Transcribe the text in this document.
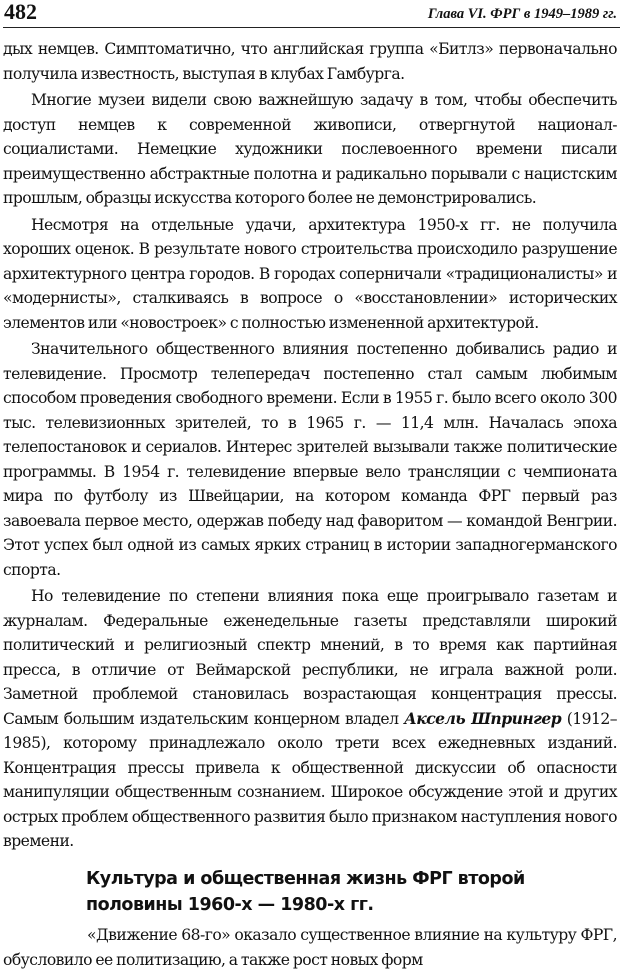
482	Глава VI. ФРГ в 1949–1989 гг.

дых немцев. Симптоматично, что английская группа «Битлз» первоначально получила известность, выступая в клубах Гамбурга.

Многие музеи видели свою важнейшую задачу в том, чтобы обеспечить доступ немцев к современной живописи, отвергнутой национал-социалистами. Немецкие художники послевоенного времени писали преимущественно абстрактные полотна и радикально порывали с нацистским прошлым, образцы искусства которого более не демонстрировались.

Несмотря на отдельные удачи, архитектура 1950-х гг. не получила хороших оценок. В результате нового строительства происходило разрушение архитектурного центра городов. В городах соперничали «традиционалисты» и «модернисты», сталкиваясь в вопросе о «восстановлении» исторических элементов или «новостроек» с полностью измененной архитектурой.

Значительного общественного влияния постепенно добивались радио и телевидение. Просмотр телепередач постепенно стал самым любимым способом проведения свободного времени. Если в 1955 г. было всего около 300 тыс. телевизионных зрителей, то в 1965 г. — 11,4 млн. Началась эпоха телепостановок и сериалов. Интерес зрителей вызывали также политические программы. В 1954 г. телевидение впервые вело трансляции с чемпионата мира по футболу из Швейцарии, на котором команда ФРГ первый раз завоевала первое место, одержав победу над фаворитом — командой Венгрии. Этот успех был одной из самых ярких страниц в истории западногерманского спорта.

Но телевидение по степени влияния пока еще проигрывало газетам и журналам. Федеральные еженедельные газеты представляли широкий политический и религиозный спектр мнений, в то время как партийная пресса, в отличие от Веймарской республики, не играла важной роли. Заметной проблемой становилась возрастающая концентрация прессы. Самым большим издательским концерном владел Аксель Шпрингер (1912–1985), которому принадлежало около трети всех ежедневных изданий. Концентрация прессы привела к общественной дискуссии об опасности манипуляции общественным сознанием. Широкое обсуждение этой и других острых проблем общественного развития было признаком наступления нового времени.

Культура и общественная жизнь ФРГ второй половины 1960-х — 1980-х гг.

«Движение 68-го» оказало существенное влияние на культуру ФРГ, обусловило ее политизацию, а также рост новых форм
